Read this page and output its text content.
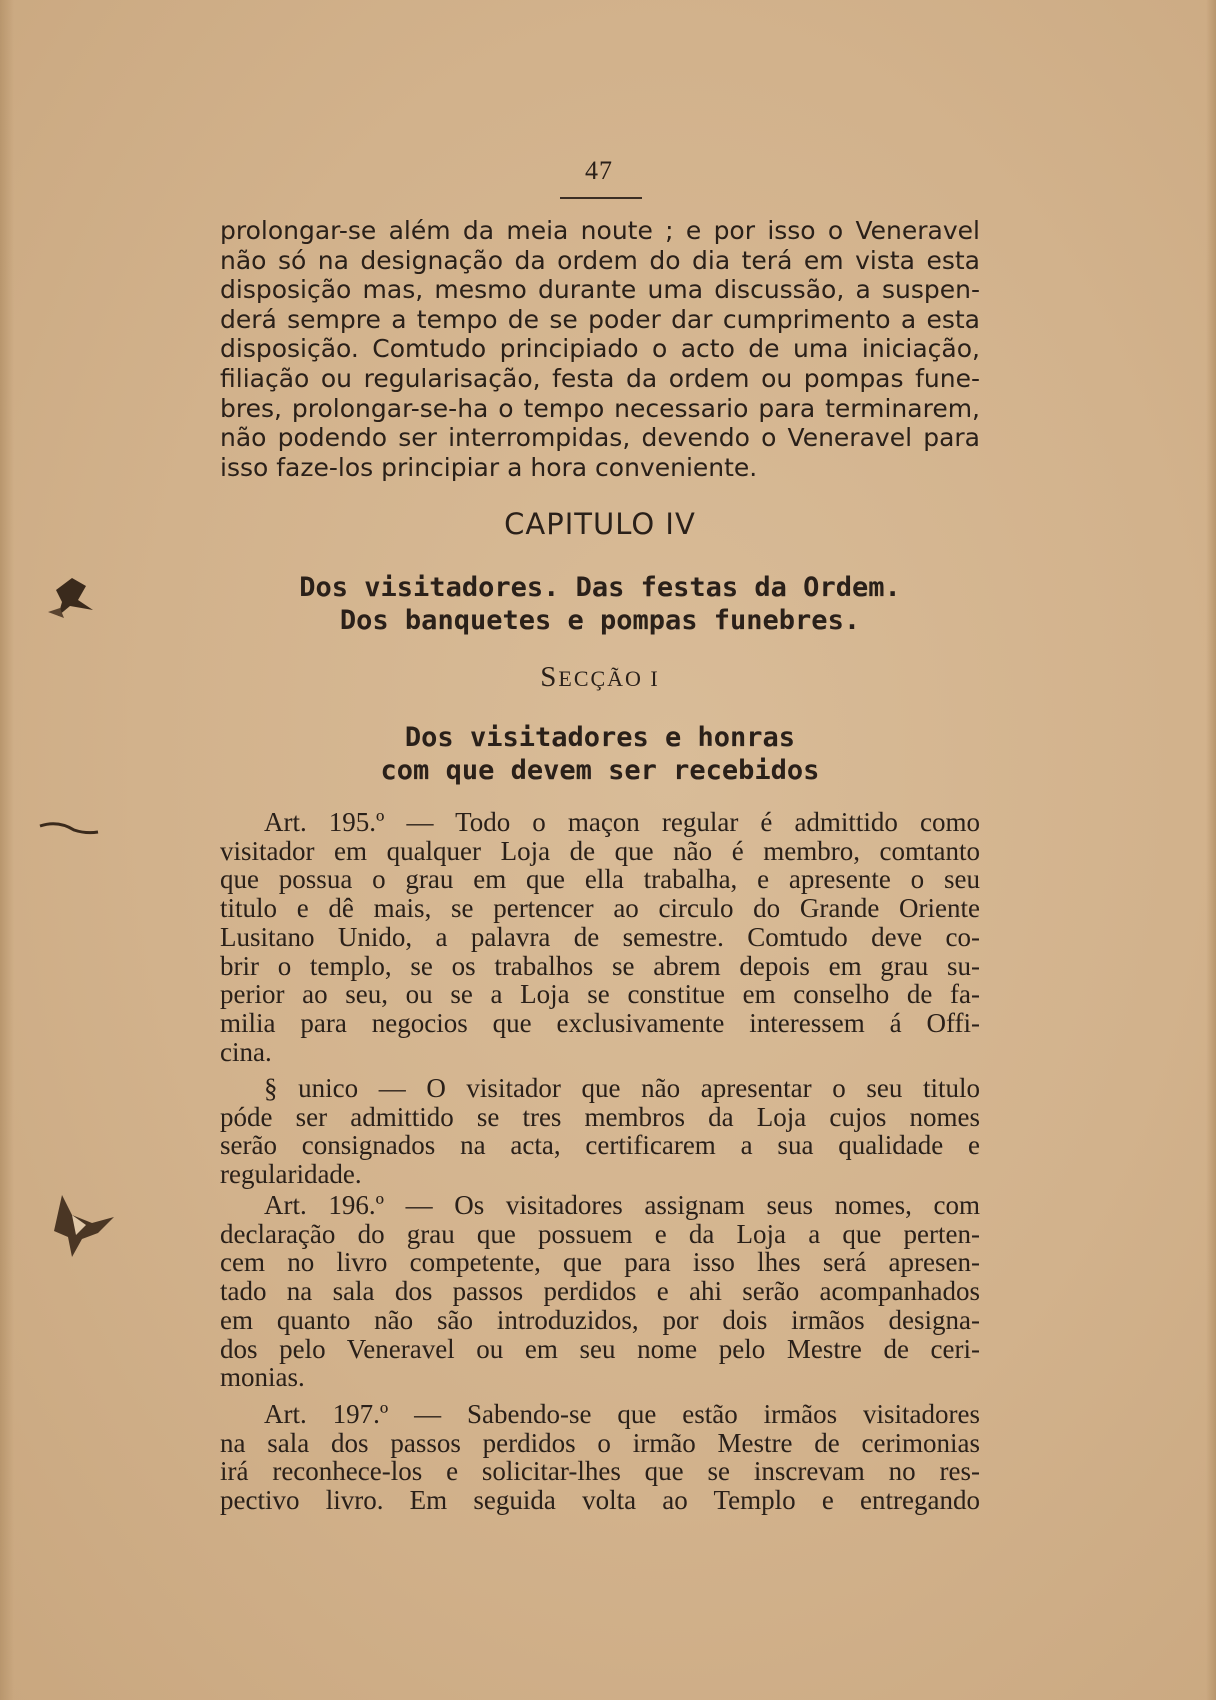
47
prolongar-se além da meia noute ; e por isso o Veneravel
não só na designação da ordem do dia terá em vista esta
disposição mas, mesmo durante uma discussão, a suspen-
derá sempre a tempo de se poder dar cumprimento a esta
disposição. Comtudo principiado o acto de uma iniciação,
filiação ou regularisação, festa da ordem ou pompas fune-
bres, prolongar-se-ha o tempo necessario para terminarem,
não podendo ser interrompidas, devendo o Veneravel para
isso faze-los principiar a hora conveniente.
CAPITULO IV
Dos visitadores. Das festas da Ordem.
Dos banquetes e pompas funebres.
SECÇÃO I
Dos visitadores e honras
com que devem ser recebidos
Art. 195.º — Todo o maçon regular é admittido como
visitador em qualquer Loja de que não é membro, comtanto
que possua o grau em que ella trabalha, e apresente o seu
titulo e dê mais, se pertencer ao circulo do Grande Oriente
Lusitano Unido, a palavra de semestre. Comtudo deve co-
brir o templo, se os trabalhos se abrem depois em grau su-
perior ao seu, ou se a Loja se constitue em conselho de fa-
milia para negocios que exclusivamente interessem á Offi-
cina.
§ unico — O visitador que não apresentar o seu titulo
póde ser admittido se tres membros da Loja cujos nomes
serão consignados na acta, certificarem a sua qualidade e
regularidade.
Art. 196.º — Os visitadores assignam seus nomes, com
declaração do grau que possuem e da Loja a que perten-
cem no livro competente, que para isso lhes será apresen-
tado na sala dos passos perdidos e ahi serão acompanhados
em quanto não são introduzidos, por dois irmãos designa-
dos pelo Veneravel ou em seu nome pelo Mestre de ceri-
monias.
Art. 197.º — Sabendo-se que estão irmãos visitadores
na sala dos passos perdidos o irmão Mestre de cerimonias
irá reconhece-los e solicitar-lhes que se inscrevam no res-
pectivo livro. Em seguida volta ao Templo e entregando
